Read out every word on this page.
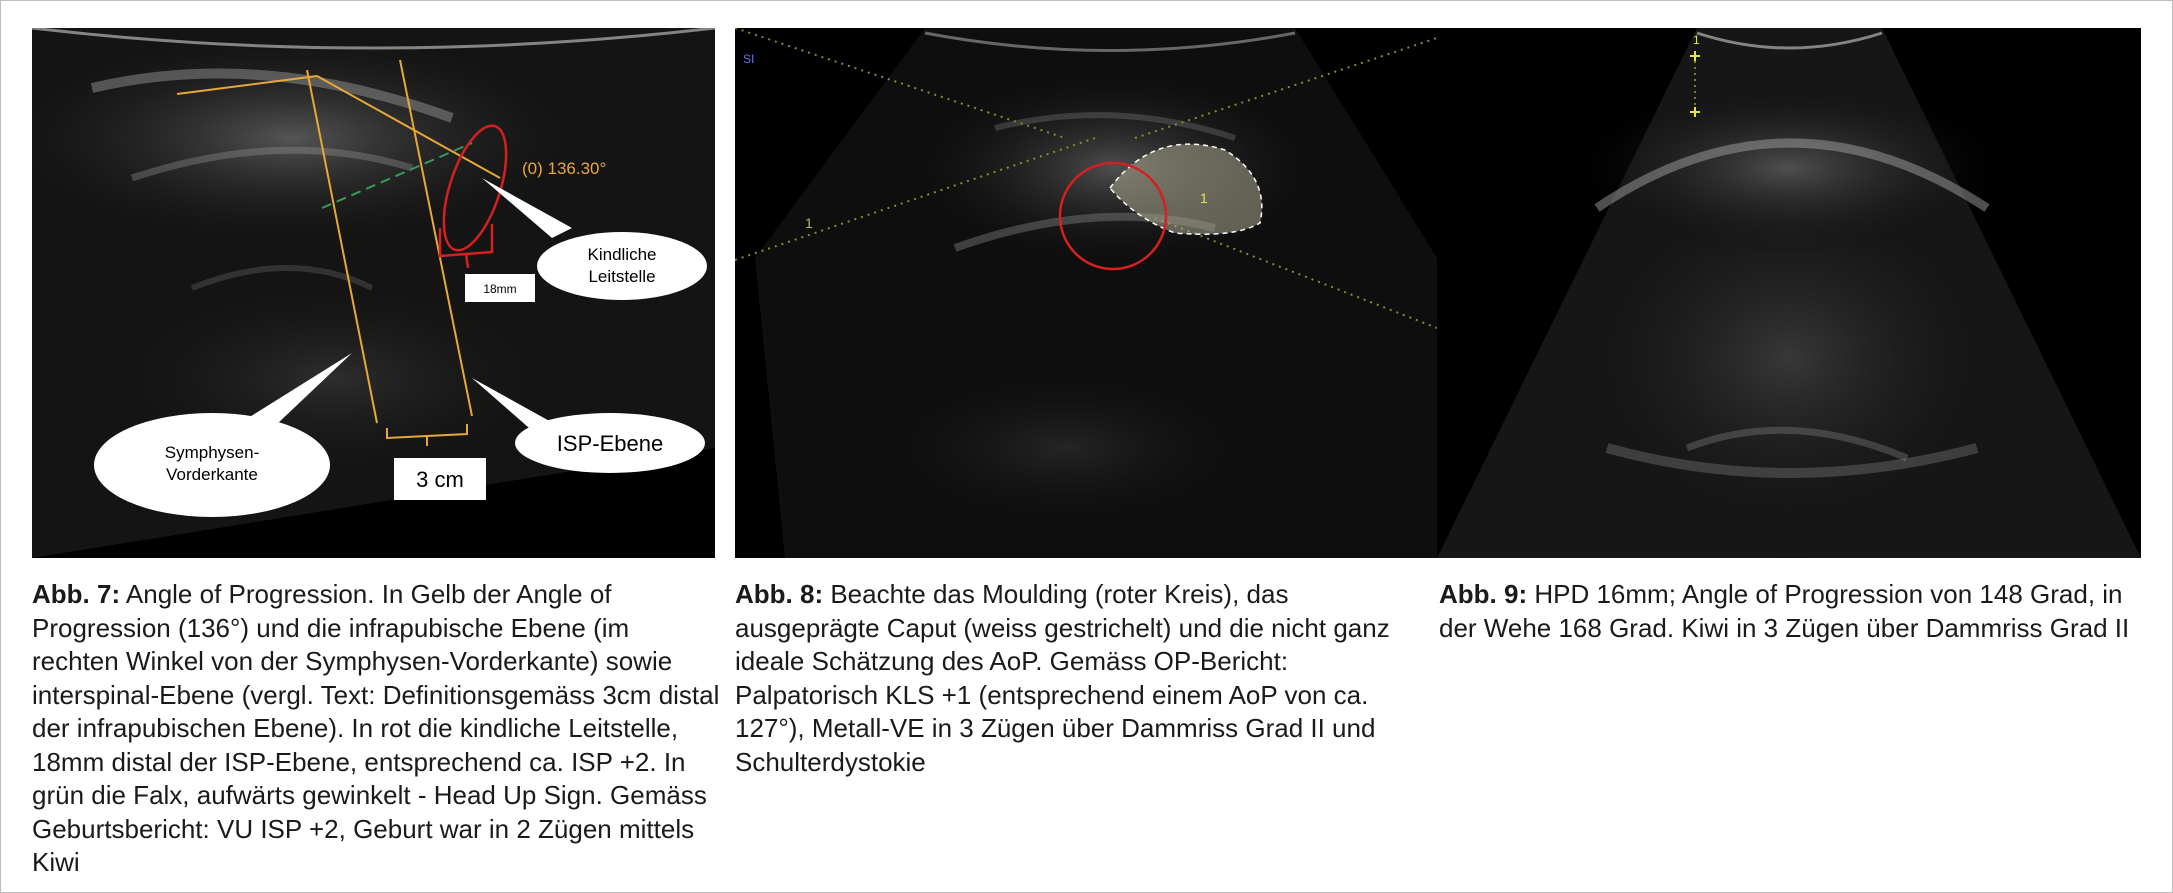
(0) 136.30°
18mm
3 cm
Kindliche
Leitstelle
ISP-Ebene
Symphysen-
Vorderkante
SI
1
1
1
Abb. 7: Angle of Progression. In Gelb der Angle of Progression (136°) und die infrapubische Ebene (im rechten Winkel von der Symphysen-Vorderkante) sowie interspinal-Ebene (vergl. Text: Definitionsgemäss 3cm distal der infrapubischen Ebene). In rot die kindliche Leitstelle, 18mm distal der ISP-Ebene, entsprechend ca. ISP +2. In grün die Falx, aufwärts gewinkelt - Head Up Sign. Gemäss Geburtsbericht: VU ISP +2, Geburt war in 2 Zügen mittels Kiwi
Abb. 8: Beachte das Moulding (roter Kreis), das ausgeprägte Caput (weiss gestrichelt) und die nicht ganz ideale Schätzung des AoP. Gemäss OP-Bericht: Palpatorisch KLS +1 (entsprechend einem AoP von ca. 127°), Metall-VE in 3 Zügen über Dammriss Grad II und Schulterdystokie
Abb. 9: HPD 16mm; Angle of Progression von 148 Grad, in der Wehe 168 Grad. Kiwi in 3 Zügen über Dammriss Grad II
